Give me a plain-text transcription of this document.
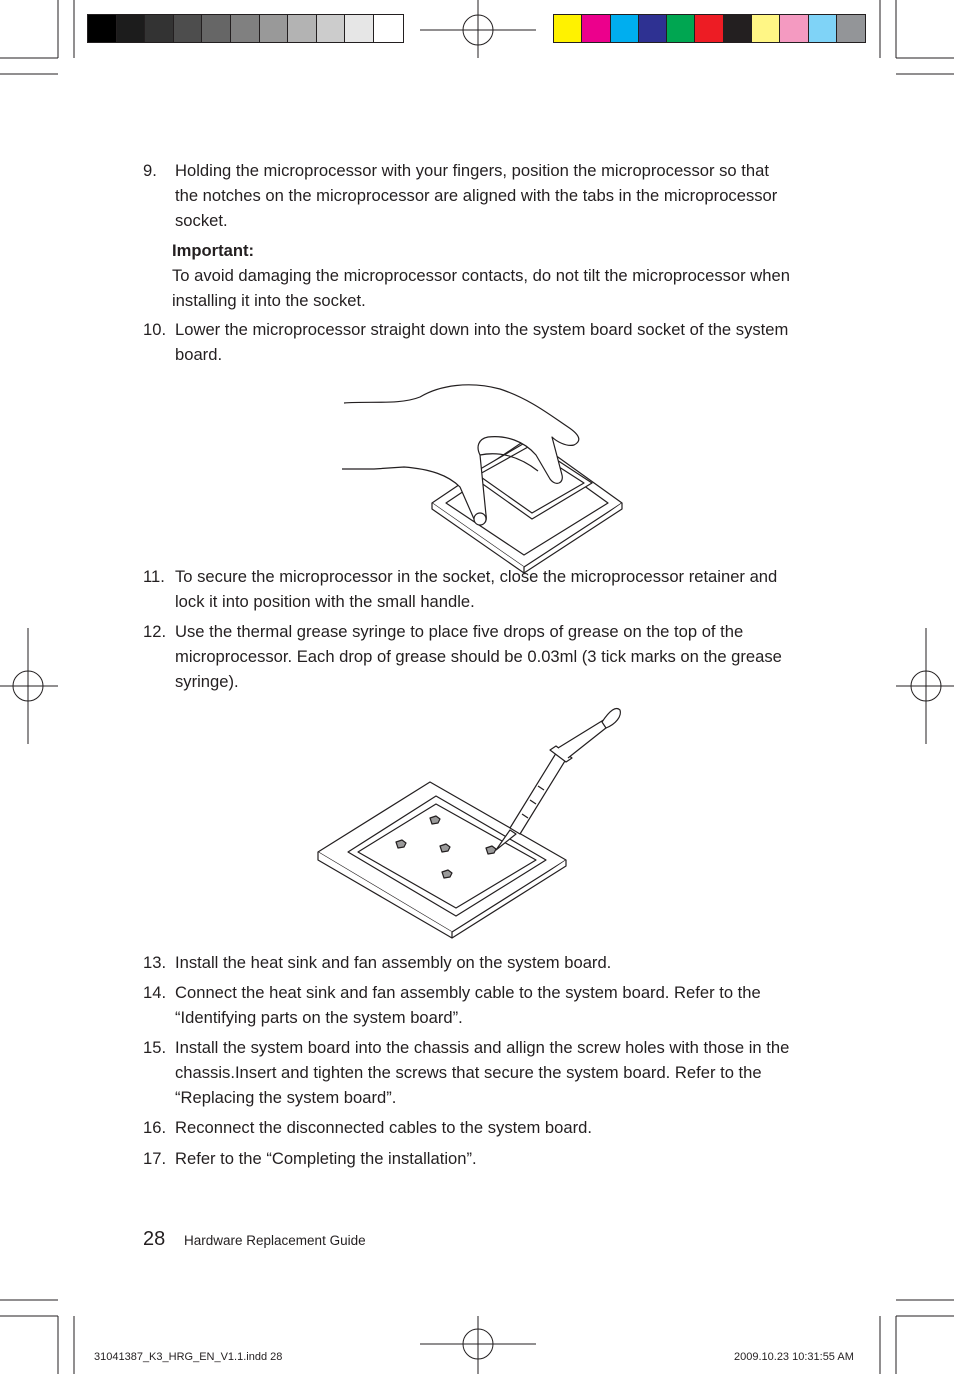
9.	Holding the microprocessor with your fingers, position the microprocessor so that the notches on the microprocessor are aligned with the tabs in the microprocessor socket.
Important:
To avoid damaging the microprocessor contacts, do not tilt the microprocessor when installing it into the socket.
10. Lower the microprocessor straight down into the system board socket of the system board.
11. To secure the microprocessor in the socket, close the microprocessor retainer and lock it into position with the small handle.
12. Use the thermal grease syringe to place five drops of grease on the top of the microprocessor. Each drop of grease should be 0.03ml (3 tick marks on the grease syringe).
13. Install the heat sink and fan assembly on the system board.
14. Connect the heat sink and fan assembly cable to the system board. Refer to the “Identifying parts on the system board”.
15. Install the system board into the chassis and allign the screw holes with those in the chassis.Insert and tighten the screws that secure the system board. Refer to the “Replacing the system board”.
16. Reconnect the disconnected cables to the system board.
17. Refer to the “Completing the installation”.
28 Hardware Replacement Guide
31041387_K3_HRG_EN_V1.1.indd 28	2009.10.23 10:31:55 AM
